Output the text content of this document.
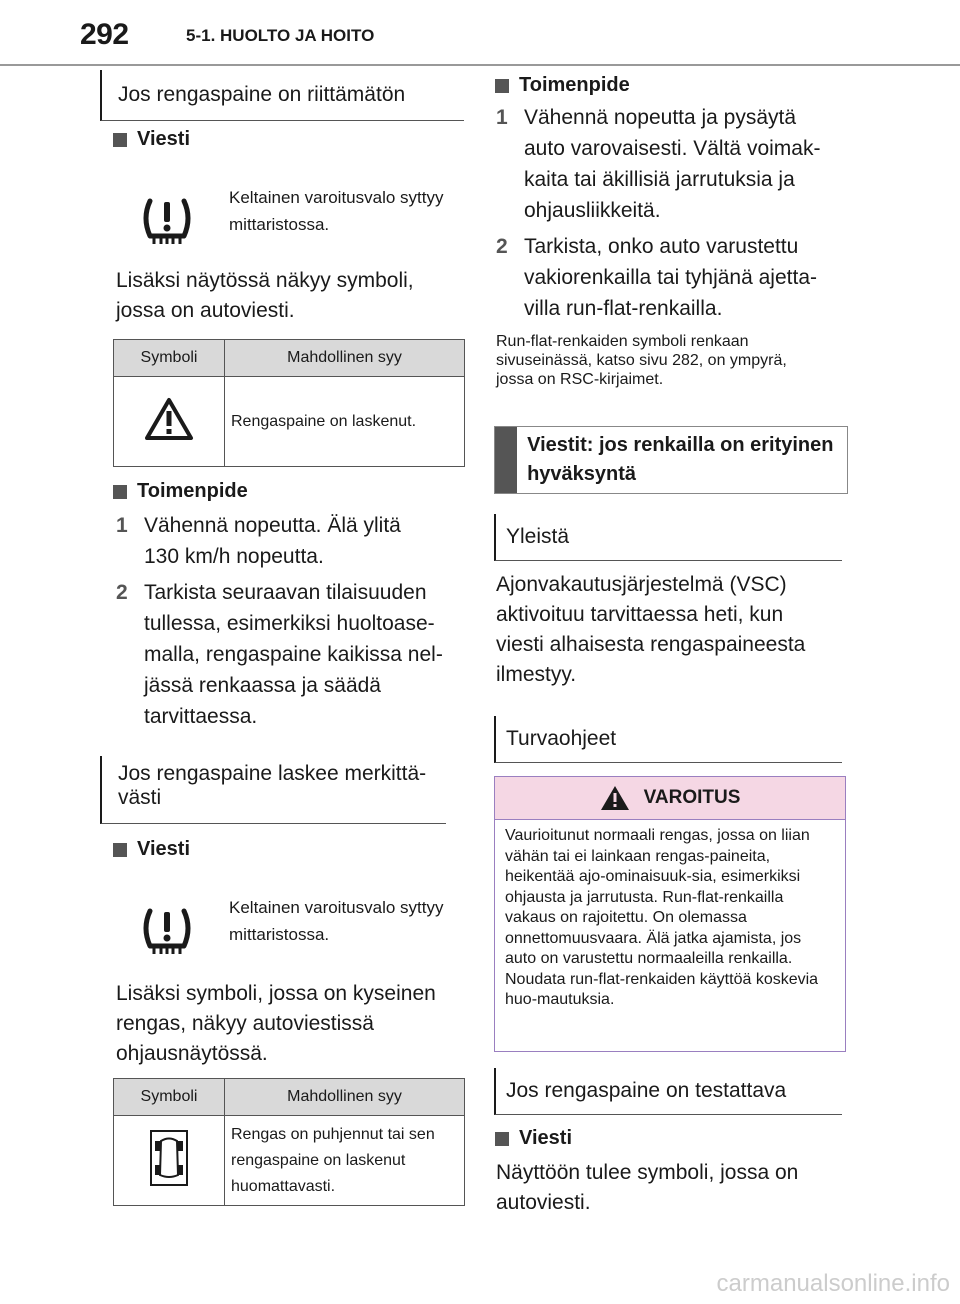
292	5-1. HUOLTO JA HOITO
Jos rengaspaine on riittämätön
Viesti
Keltainen varoitusvalo syttyy mittaristossa.
Lisäksi näytössä näkyy symboli, jossa on autoviesti.
Symboli	Mahdollinen syy
	Rengaspaine on laskenut.
Toimenpide
1 Vähennä nopeutta. Älä ylitä 130 km/h nopeutta.
2 Tarkista seuraavan tilaisuuden tullessa, esimerkiksi huoltoase-malla, rengaspaine kaikissa nel-jässä renkaassa ja säädä tarvittaessa.
Jos rengaspaine laskee merkittä-västi
Viesti
Keltainen varoitusvalo syttyy mittaristossa.
Lisäksi symboli, jossa on kyseinen rengas, näkyy autoviestissä ohjausnäytössä.
Symboli	Mahdollinen syy
	Rengas on puhjennut tai sen rengaspaine on laskenut huomattavasti.
Toimenpide
1 Vähennä nopeutta ja pysäytä auto varovaisesti. Vältä voimak-kaita tai äkillisiä jarrutuksia ja ohjausliikkeitä.
2 Tarkista, onko auto varustettu vakiorenkailla tai tyhjänä ajetta-villa run-flat-renkailla.
Run-flat-renkaiden symboli renkaan sivuseinässä, katso sivu 282, on ympyrä, jossa on RSC-kirjaimet.
Viestit: jos renkailla on erityinen hyväksyntä
Yleistä
Ajonvakautusjärjestelmä (VSC) aktivoituu tarvittaessa heti, kun viesti alhaisesta rengaspaineesta ilmestyy.
Turvaohjeet
VAROITUS
Vaurioitunut normaali rengas, jossa on liian vähän tai ei lainkaan rengas-paineita, heikentää ajo-ominaisuuk-sia, esimerkiksi ohjausta ja jarrutusta. Run-flat-renkailla vakaus on rajoitettu. On olemassa onnettomuusvaara. Älä jatka ajamista, jos auto on varustettu normaaleilla renkailla. Noudata run-flat-renkaiden käyttöä koskevia huo-mautuksia.
Jos rengaspaine on testattava
Viesti
Näyttöön tulee symboli, jossa on autoviesti.
carmanualsonline.info
